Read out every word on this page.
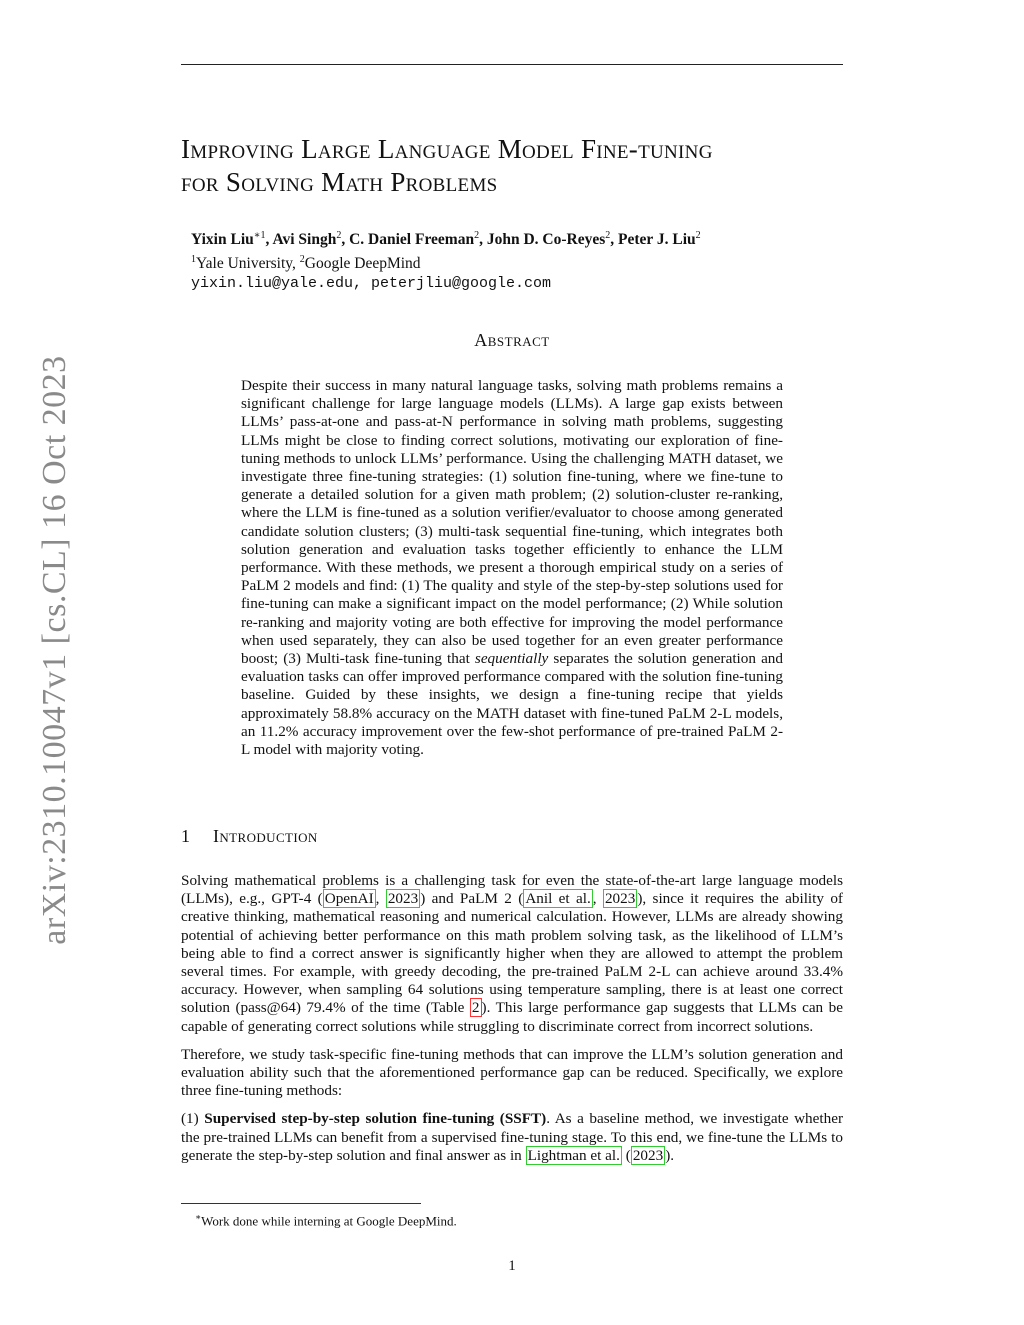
arXiv:2310.10047v1 [cs.CL] 16 Oct 2023
Improving Large Language Model Fine-tuning
for Solving Math Problems
Yixin Liu$^{∗1}$, Avi Singh$^2$, C. Daniel Freeman$^2$, John D. Co-Reyes$^2$, Peter J. Liu$^2$
$^1$Yale University, $^2$Google DeepMind
yixin.liu@yale.edu, peterjliu@google.com
Abstract
Despite their success in many natural language tasks, solving math problems remains a significant challenge for large language models (LLMs). A large gap exists between LLMs’ pass-at-one and pass-at-N performance in solving math problems, suggesting LLMs might be close to finding correct solutions, motivating our exploration of fine-tuning methods to unlock LLMs’ performance. Using the challenging MATH dataset, we investigate three fine-tuning strategies: (1) solution fine-tuning, where we fine-tune to generate a detailed solution for a given math problem; (2) solution-cluster re-ranking, where the LLM is fine-tuned as a solution verifier/evaluator to choose among generated candidate solution clusters; (3) multi-task sequential fine-tuning, which integrates both solution generation and evaluation tasks together efficiently to enhance the LLM performance. With these methods, we present a thorough empirical study on a series of PaLM 2 models and find: (1) The quality and style of the step-by-step solutions used for fine-tuning can make a significant impact on the model performance; (2) While solution re-ranking and majority voting are both effective for improving the model performance when used separately, they can also be used together for an even greater performance boost; (3) Multi-task fine-tuning that sequentially separates the solution generation and evaluation tasks can offer improved performance compared with the solution fine-tuning baseline. Guided by these insights, we design a fine-tuning recipe that yields approximately 58.8% accuracy on the MATH dataset with fine-tuned PaLM 2-L models, an 11.2% accuracy improvement over the few-shot performance of pre-trained PaLM 2-L model with majority voting.
1 Introduction

Solving mathematical problems is a challenging task for even the state-of-the-art large language models (LLMs), e.g., GPT-4 ( OpenAI , 2023 ) and PaLM 2 ( Anil et al. , 2023 ), since it requires the ability of creative thinking, mathematical reasoning and numerical calculation. However, LLMs are already showing potential of achieving better performance on this math problem solving task, as the likelihood of LLM’s being able to find a correct answer is significantly higher when they are allowed to attempt the problem several times. For example, with greedy decoding, the pre-trained PaLM 2-L can achieve around 33.4% accuracy. However, when sampling 64 solutions using temperature sampling, there is at least one correct solution (pass@64) 79.4% of the time (Table 2 ). This large performance gap suggests that LLMs can be capable of generating correct solutions while struggling to discriminate correct from incorrect solutions.

Therefore, we study task-specific fine-tuning methods that can improve the LLM’s solution generation and evaluation ability such that the aforementioned performance gap can be reduced. Specifically, we explore three fine-tuning methods:

(1) Supervised step-by-step solution fine-tuning (SSFT). As a baseline method, we investigate whether the pre-trained LLMs can benefit from a supervised fine-tuning stage. To this end, we fine-tune the LLMs to generate the step-by-step solution and final answer as in Lightman et al. ( 2023 ).

∗Work done while interning at Google DeepMind.
1
